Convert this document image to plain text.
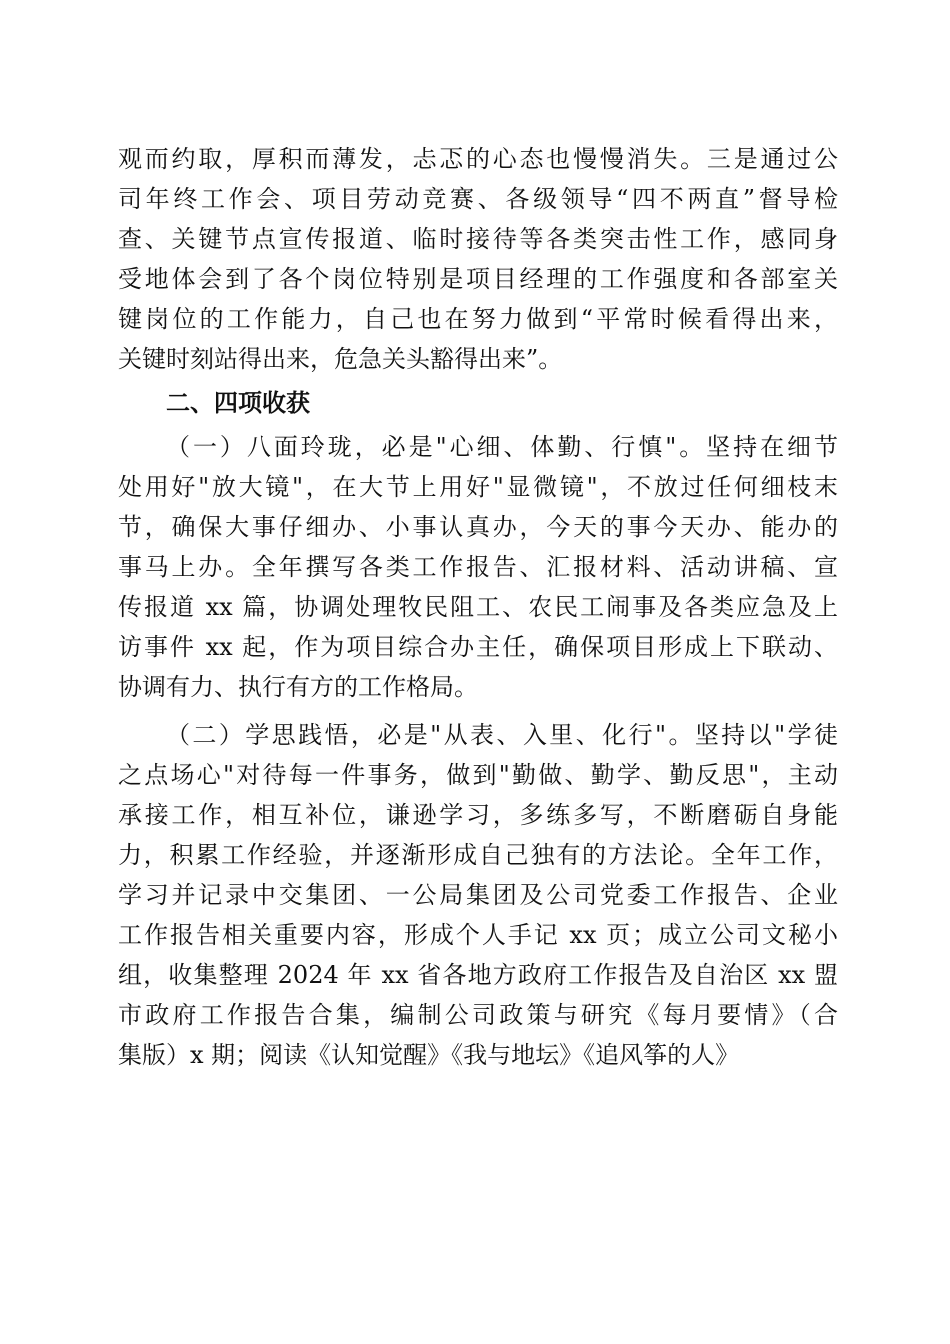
观而约取，厚积而薄发，忐忑的心态也慢慢消失。三是通过公
司年终工作会、项目劳动竞赛、各级领导“四不两直”督导检
查、关键节点宣传报道、临时接待等各类突击性工作，感同身
受地体会到了各个岗位特别是项目经理的工作强度和各部室关
键岗位的工作能力，自己也在努力做到“平常时候看得出来，
关键时刻站得出来，危急关头豁得出来”。
二、四项收获
（一）八面玲珑，必是"心细、体勤、行慎"。坚持在细节
处用好"放大镜"，在大节上用好"显微镜"，不放过任何细枝末
节，确保大事仔细办、小事认真办，今天的事今天办、能办的
事马上办。全年撰写各类工作报告、汇报材料、活动讲稿、宣
传报道 xx 篇，协调处理牧民阻工、农民工闹事及各类应急及上
访事件 xx 起，作为项目综合办主任，确保项目形成上下联动、
协调有力、执行有方的工作格局。
（二）学思践悟，必是"从表、入里、化行"。坚持以"学徒
之点场心"对待每一件事务，做到"勤做、勤学、勤反思"，主动
承接工作，相互补位，谦逊学习，多练多写，不断磨砺自身能
力，积累工作经验，并逐渐形成自己独有的方法论。全年工作，
学习并记录中交集团、一公局集团及公司党委工作报告、企业
工作报告相关重要内容，形成个人手记 xx 页；成立公司文秘小
组，收集整理 2024 年 xx 省各地方政府工作报告及自治区 xx 盟
市政府工作报告合集，编制公司政策与研究《每月要情》（合
集版）x 期；阅读《认知觉醒》《我与地坛》《追风筝的人》
